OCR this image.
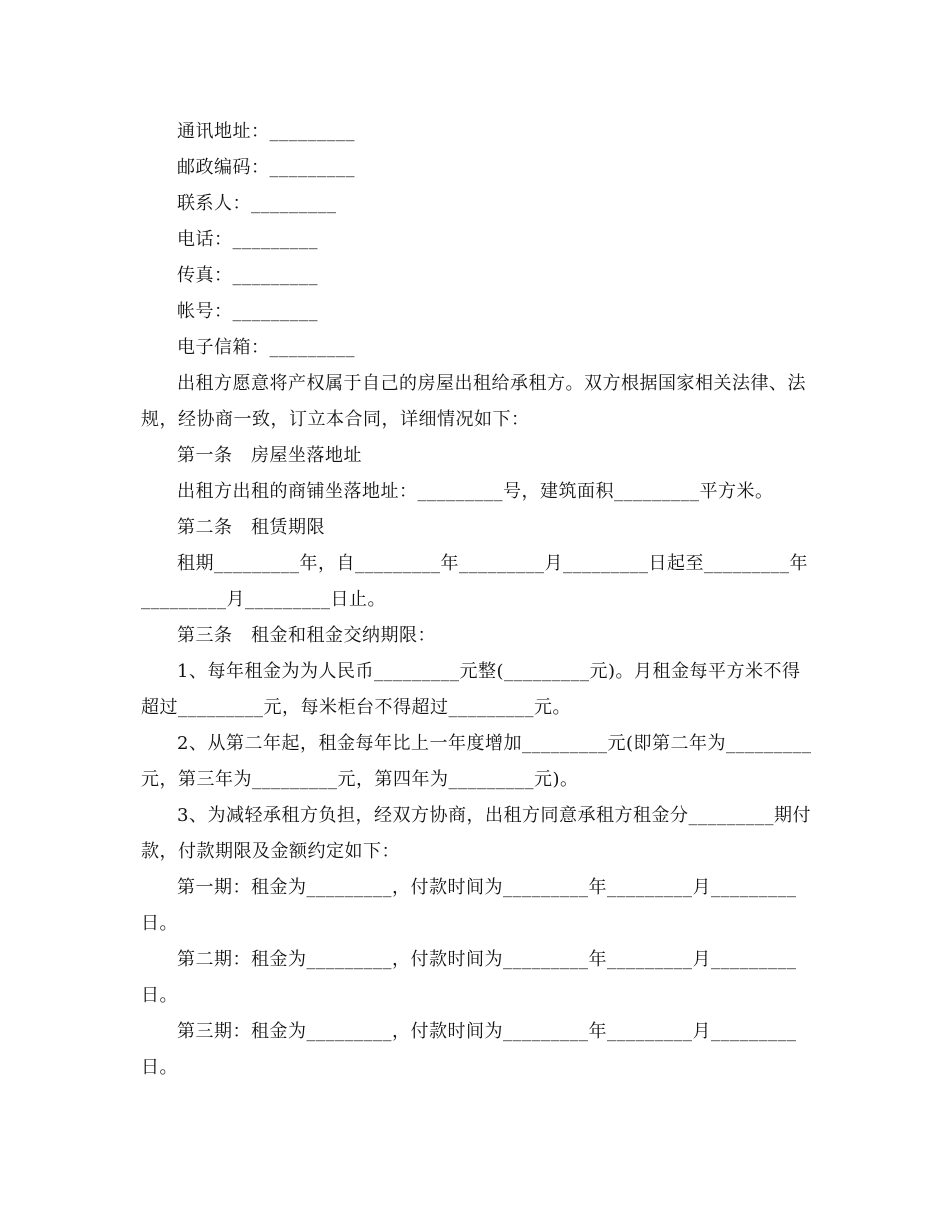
通讯地址：_________

邮政编码：_________

联系人：_________

电话：_________

传真：_________

帐号：_________

电子信箱：_________

出租方愿意将产权属于自己的房屋出租给承租方。双方根据国家相关法律、法规，经协商一致，订立本合同，详细情况如下：

第一条　房屋坐落地址

出租方出租的商铺坐落地址：_________号，建筑面积_________平方米。

第二条　租赁期限

租期_________年，自_________年_________月_________日起至_________年_________月_________日止。

第三条　租金和租金交纳期限：

1、每年租金为为人民币_________元整(_________元)。月租金每平方米不得超过_________元，每米柜台不得超过_________元。

2、从第二年起，租金每年比上一年度增加_________元(即第二年为_________元，第三年为_________元，第四年为_________元)。

3、为减轻承租方负担，经双方协商，出租方同意承租方租金分_________期付款，付款期限及金额约定如下：

第一期：租金为_________，付款时间为_________年_________月_________日。

第二期：租金为_________，付款时间为_________年_________月_________日。

第三期：租金为_________，付款时间为_________年_________月_________日。
